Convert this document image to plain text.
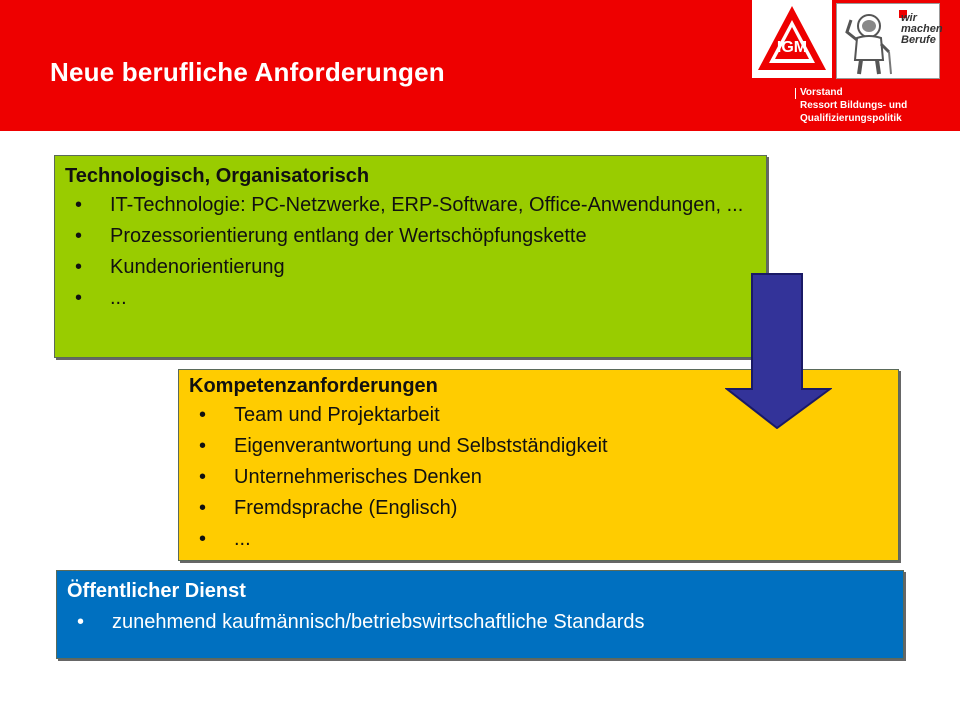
Neue berufliche Anforderungen
IGM
wir
machen
Berufe
Vorstand
Ressort Bildungs- und
Qualifizierungspolitik
Technologisch, Organisatorisch
• IT-Technologie: PC-Netzwerke, ERP-Software, Office-Anwendungen, ...
• Prozessorientierung entlang der Wertschöpfungskette
• Kundenorientierung
• ...
Kompetenzanforderungen
• Team und Projektarbeit
• Eigenverantwortung und Selbstständigkeit
• Unternehmerisches Denken
• Fremdsprache (Englisch)
• ...
Öffentlicher Dienst
• zunehmend kaufmännisch/betriebswirtschaftliche Standards
